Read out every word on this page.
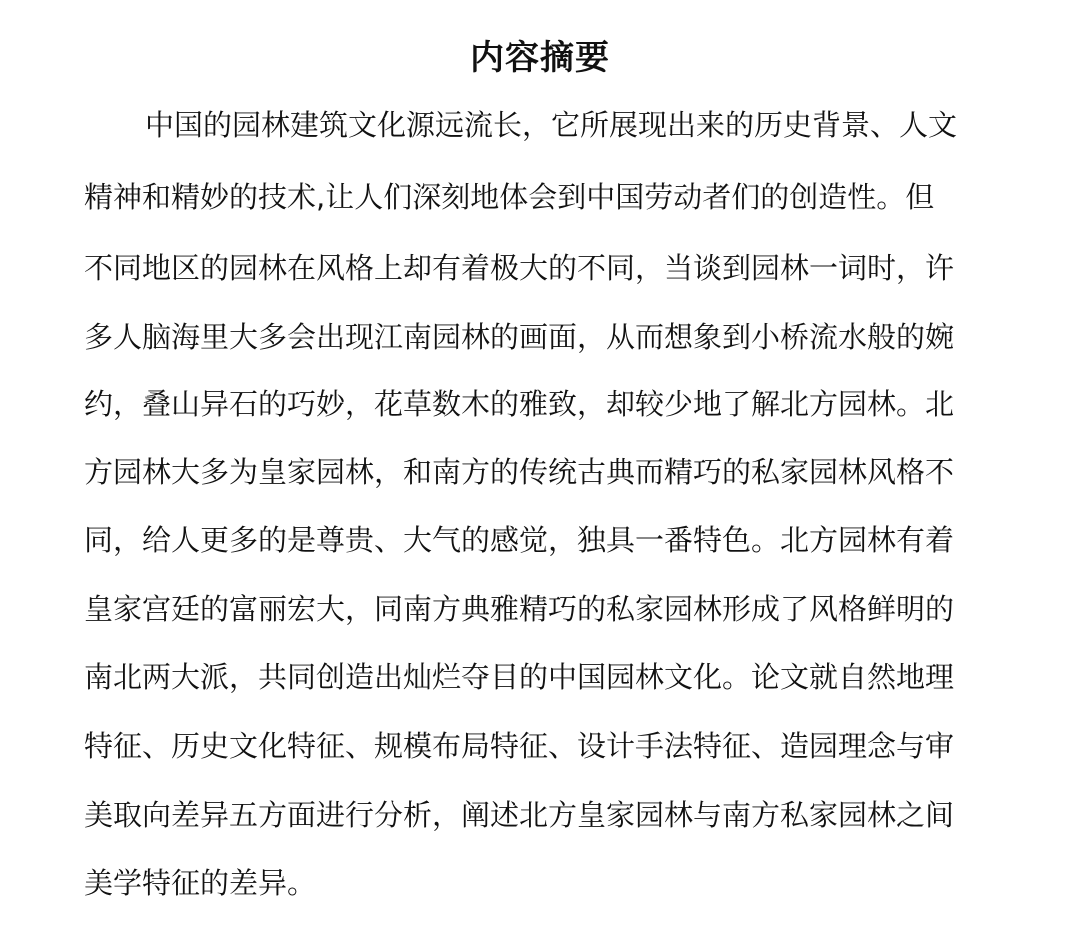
内容摘要
中国的园林建筑文化源远流长，它所展现出来的历史背景、人文
精神和精妙的技术,让人们深刻地体会到中国劳动者们的创造性。但
不同地区的园林在风格上却有着极大的不同，当谈到园林一词时，许
多人脑海里大多会出现江南园林的画面，从而想象到小桥流水般的婉
约，叠山异石的巧妙，花草数木的雅致，却较少地了解北方园林。北
方园林大多为皇家园林，和南方的传统古典而精巧的私家园林风格不
同，给人更多的是尊贵、大气的感觉，独具一番特色。北方园林有着
皇家宫廷的富丽宏大，同南方典雅精巧的私家园林形成了风格鲜明的
南北两大派，共同创造出灿烂夺目的中国园林文化。论文就自然地理
特征、历史文化特征、规模布局特征、设计手法特征、造园理念与审
美取向差异五方面进行分析，阐述北方皇家园林与南方私家园林之间
美学特征的差异。
